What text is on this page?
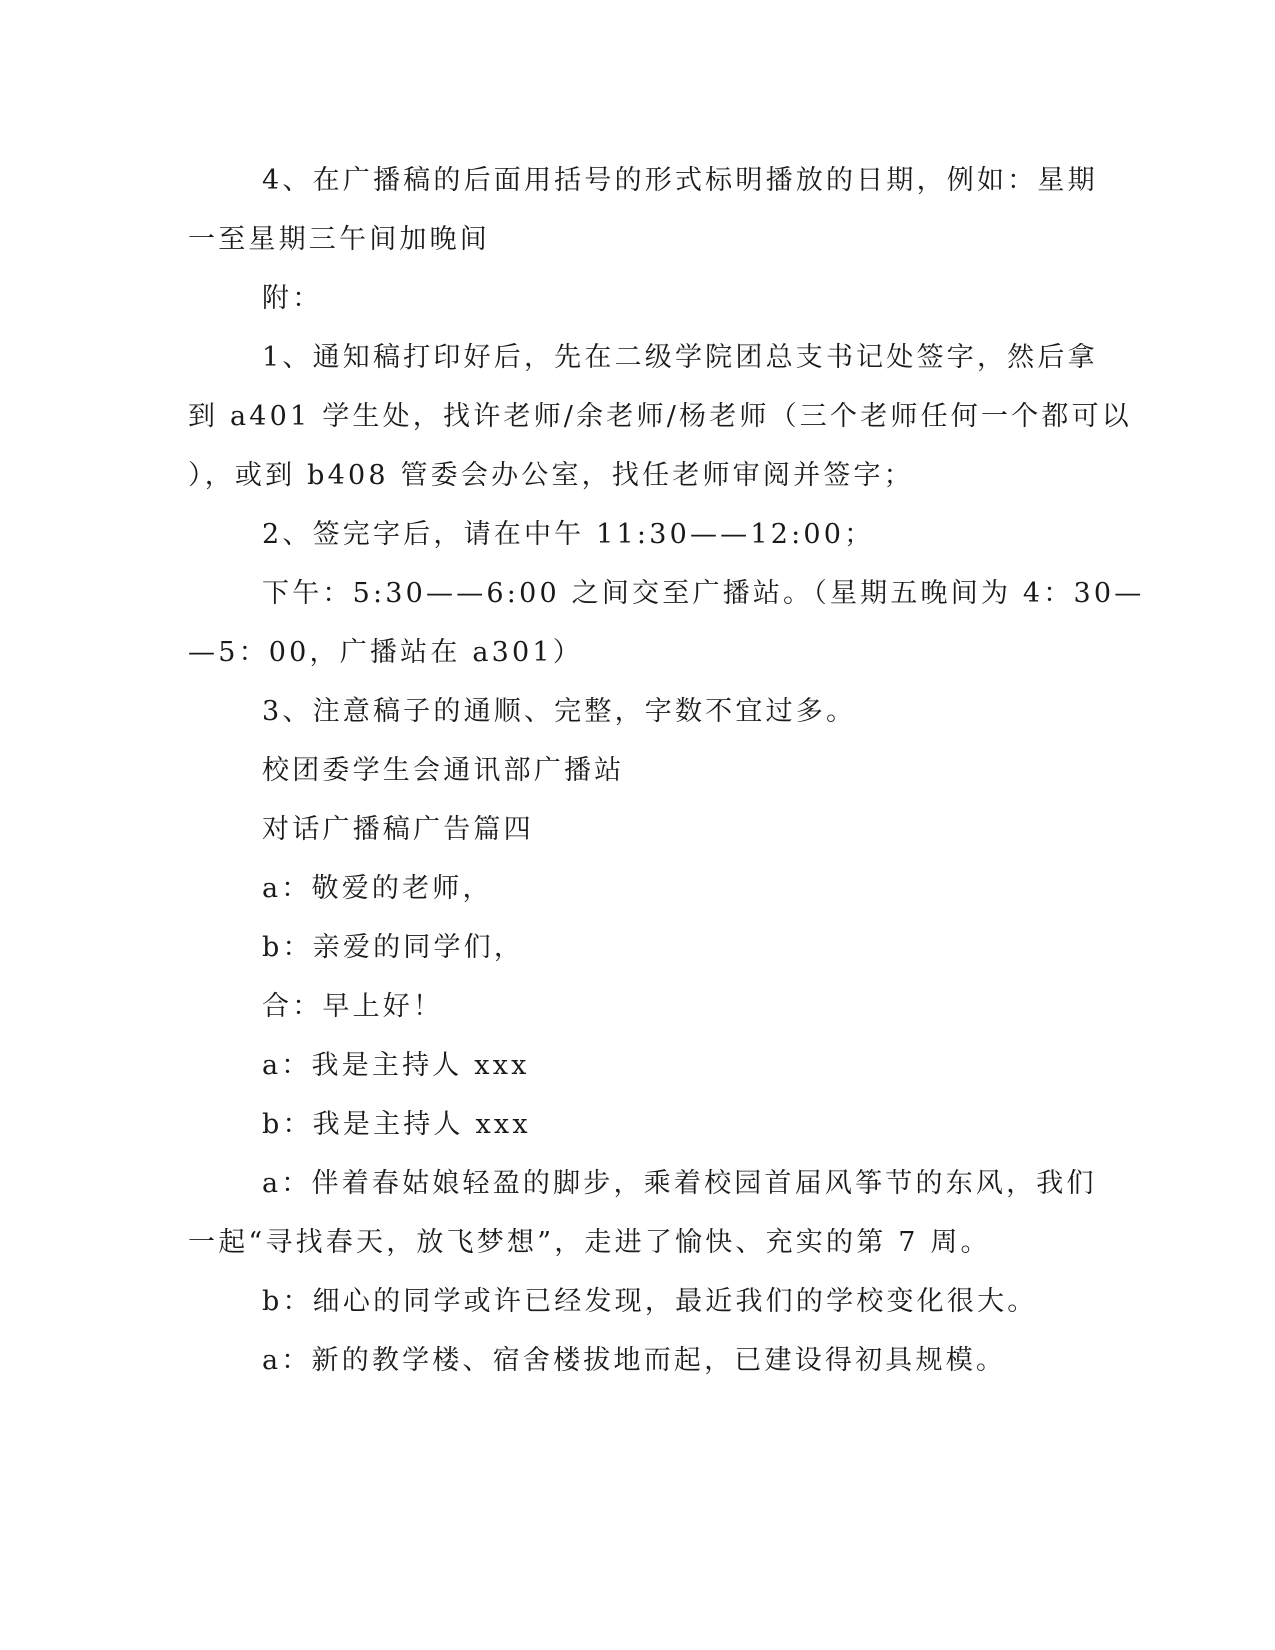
4、在广播稿的后面用括号的形式标明播放的日期，例如：星期
一至星期三午间加晚间
附：
1、通知稿打印好后，先在二级学院团总支书记处签字，然后拿
到 a401 学生处，找许老师/余老师/杨老师（三个老师任何一个都可以
），或到 b408 管委会办公室，找任老师审阅并签字；
2、签完字后，请在中午 11:30——12:00；
下午：5:30——6:00 之间交至广播站。（星期五晚间为 4：30—
—5：00，广播站在 a301）
3、注意稿子的通顺、完整，字数不宜过多。
校团委学生会通讯部广播站
对话广播稿广告篇四
a：敬爱的老师，
b：亲爱的同学们，
合：早上好！
a：我是主持人 xxx
b：我是主持人 xxx
a：伴着春姑娘轻盈的脚步，乘着校园首届风筝节的东风，我们
一起“寻找春天，放飞梦想”，走进了愉快、充实的第 7 周。
b：细心的同学或许已经发现，最近我们的学校变化很大。
a：新的教学楼、宿舍楼拔地而起，已建设得初具规模。
